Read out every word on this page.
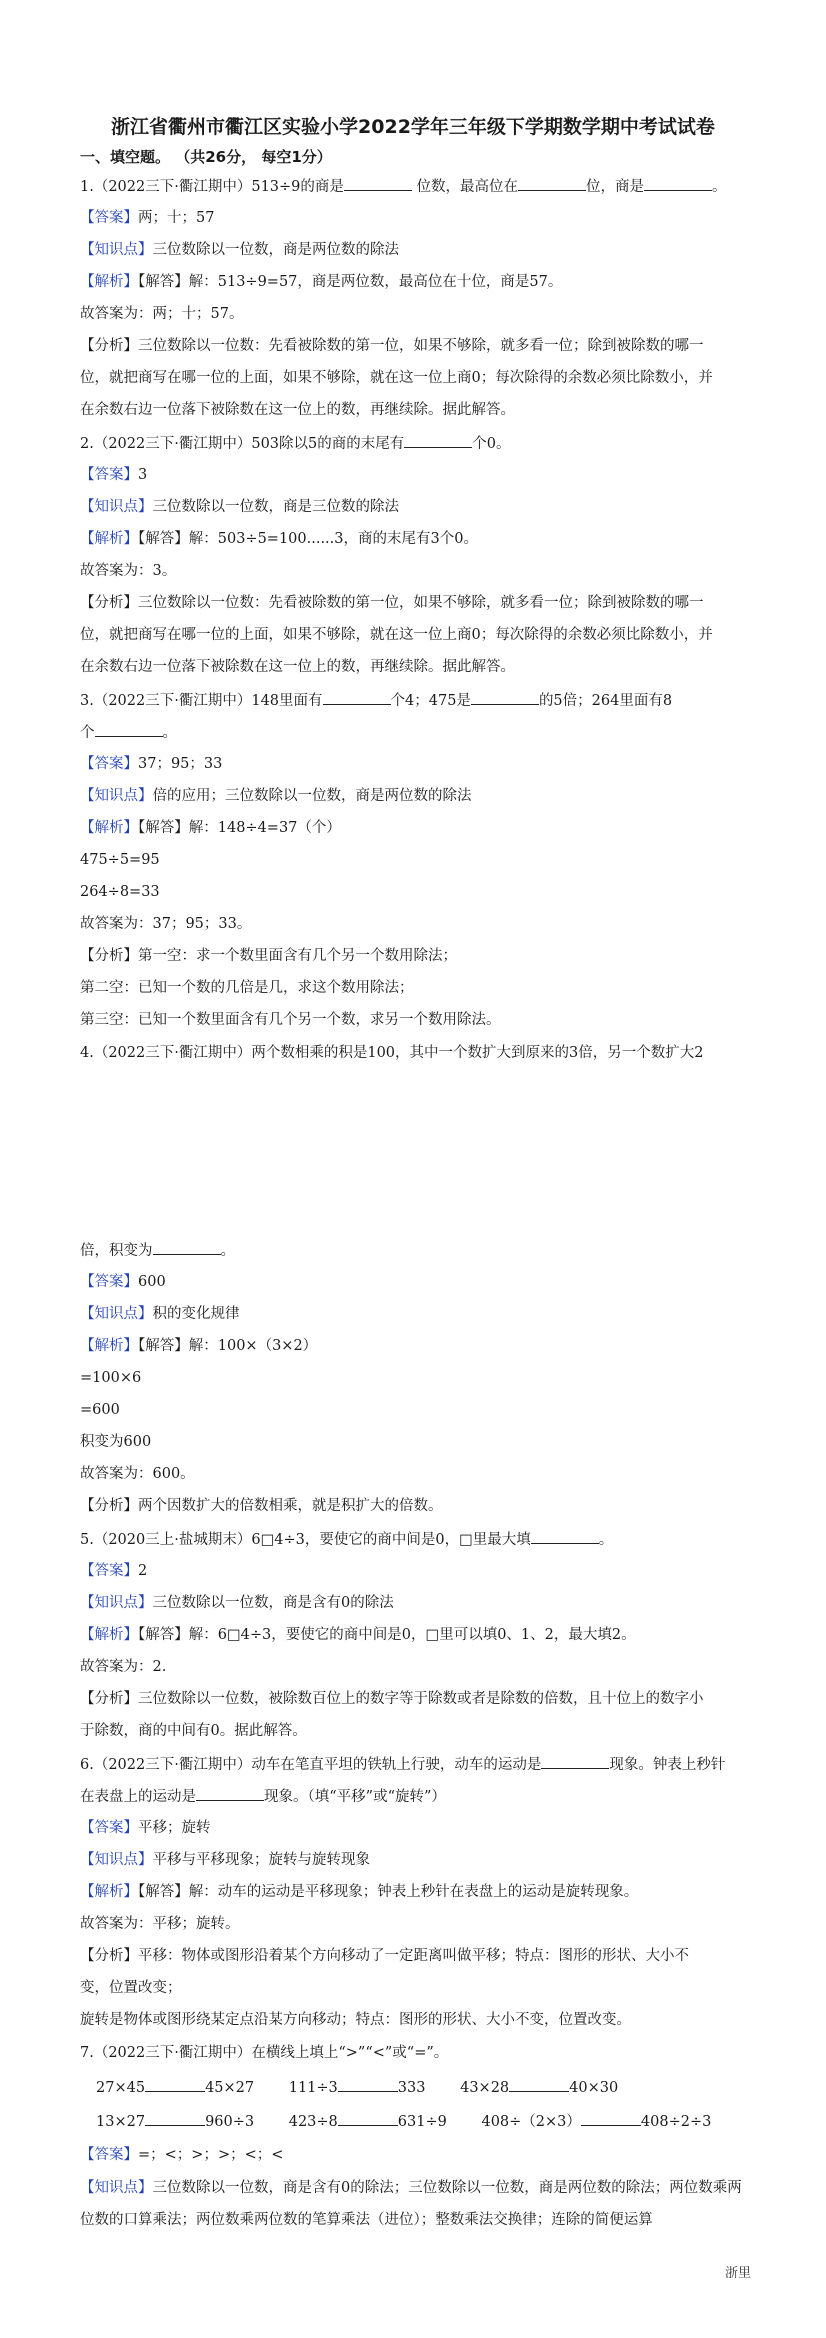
浙江省衢州市衢江区实验小学2022学年三年级下学期数学期中考试试卷
一、填空题。 （共26分， 每空1分）
1.（2022三下·衢江期中）513÷9的商是	位数，最高位在	位，商是	。
【答案】两；十；57
【知识点】三位数除以一位数，商是两位数的除法
【解析】【解答】解：513÷9=57，商是两位数，最高位在十位，商是57。
故答案为：两；十；57。
【分析】三位数除以一位数：先看被除数的第一位，如果不够除，就多看一位；除到被除数的哪一
位，就把商写在哪一位的上面，如果不够除，就在这一位上商0；每次除得的余数必须比除数小，并
在余数右边一位落下被除数在这一位上的数，再继续除。据此解答。
2.（2022三下·衢江期中）503除以5的商的末尾有	个0。
【答案】3
【知识点】三位数除以一位数，商是三位数的除法
【解析】【解答】解：503÷5=100......3，商的末尾有3个0。
故答案为：3。
【分析】三位数除以一位数：先看被除数的第一位，如果不够除，就多看一位；除到被除数的哪一
位，就把商写在哪一位的上面，如果不够除，就在这一位上商0；每次除得的余数必须比除数小，并
在余数右边一位落下被除数在这一位上的数，再继续除。据此解答。
3.（2022三下·衢江期中）148里面有	个4；475是	的5倍；264里面有8
个	。
【答案】37；95；33
【知识点】倍的应用；三位数除以一位数，商是两位数的除法
【解析】【解答】解：148÷4=37（个）
475÷5=95
264÷8=33
故答案为：37；95；33。
【分析】第一空：求一个数里面含有几个另一个数用除法；
第二空：已知一个数的几倍是几，求这个数用除法；
第三空：已知一个数里面含有几个另一个数，求另一个数用除法。
4.（2022三下·衢江期中）两个数相乘的积是100，其中一个数扩大到原来的3倍，另一个数扩大2
倍，积变为	。
【答案】600
【知识点】积的变化规律
【解析】【解答】解：100×（3×2）
=100×6
=600
积变为600
故答案为：600。
【分析】两个因数扩大的倍数相乘，就是积扩大的倍数。
5.（2020三上·盐城期末）6□4÷3，要使它的商中间是0，□里最大填	。
【答案】2
【知识点】三位数除以一位数，商是含有0的除法
【解析】【解答】解：6□4÷3，要使它的商中间是0，□里可以填0、1、2，最大填2。
故答案为：2.
【分析】三位数除以一位数，被除数百位上的数字等于除数或者是除数的倍数，且十位上的数字小
于除数，商的中间有0。据此解答。
6.（2022三下·衢江期中）动车在笔直平坦的铁轨上行驶，动车的运动是	现象。钟表上秒针
在表盘上的运动是	现象。（填“平移”或“旋转”）
【答案】平移；旋转
【知识点】平移与平移现象；旋转与旋转现象
【解析】【解答】解：动车的运动是平移现象；钟表上秒针在表盘上的运动是旋转现象。
故答案为：平移；旋转。
【分析】平移：物体或图形沿着某个方向移动了一定距离叫做平移；特点：图形的形状、大小不
变，位置改变；
旋转是物体或图形绕某定点沿某方向移动；特点：图形的形状、大小不变，位置改变。
7.（2022三下·衢江期中）在横线上填上“>”“<”或“=”。
27×45	45×27 111÷3	333 43×28	40×30
13×27	960÷3 423÷8	631÷9 408÷（2×3）	408÷2÷3
【答案】=；<；>；>；<；<
【知识点】三位数除以一位数，商是含有0的除法；三位数除以一位数，商是两位数的除法；两位数乘两
位数的口算乘法；两位数乘两位数的笔算乘法（进位）；整数乘法交换律；连除的简便运算
浙里
